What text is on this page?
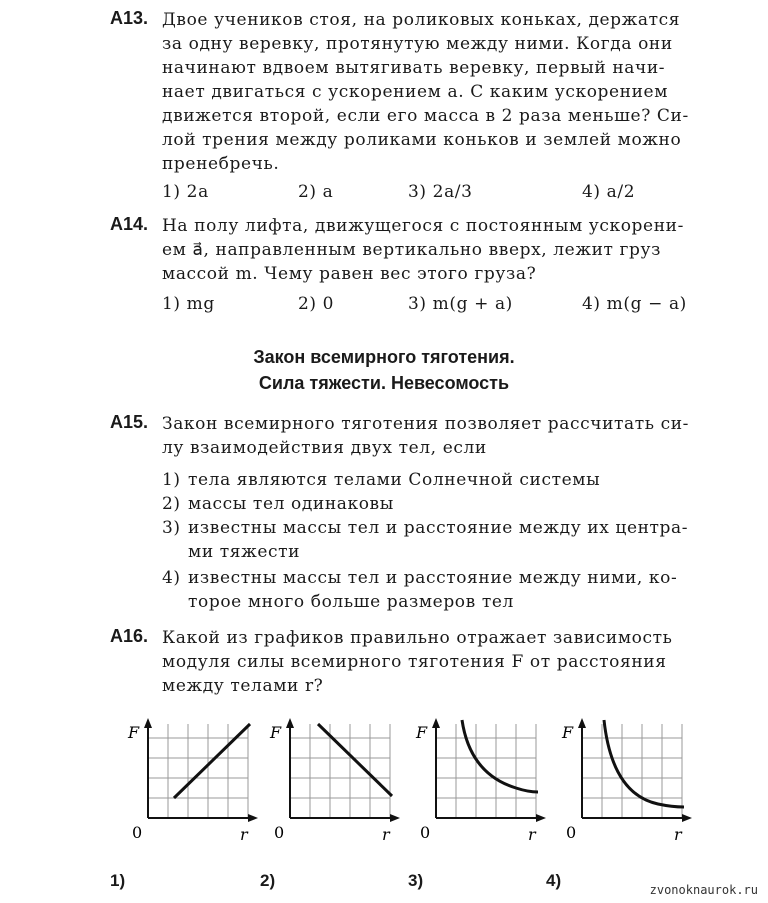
А13. Двое учеников стоя, на роликовых коньках, держатся
за одну веревку, протянутую между ними. Когда они
начинают вдвоем вытягивать веревку, первый начи-
нает двигаться с ускорением a. С каким ускорением
движется второй, если его масса в 2 раза меньше? Си-
лой трения между роликами коньков и землей можно
пренебречь.
1) 2a	2) a	3) 2a/3	4) a/2
А14. На полу лифта, движущегося с постоянным ускорени-
ем a⃗, направленным вертикально вверх, лежит груз
массой m. Чему равен вес этого груза?
1) mg	2) 0	3) m(g + a)	4) m(g − a)
Закон всемирного тяготения.
Сила тяжести. Невесомость
А15. Закон всемирного тяготения позволяет рассчитать си-
лу взаимодействия двух тел, если
1) тела являются телами Солнечной системы
2) массы тел одинаковы
3) известны массы тел и расстояние между их центра-
ми тяжести
4) известны массы тел и расстояние между ними, ко-
торое много больше размеров тел
А16. Какой из графиков правильно отражает зависимость
модуля силы всемирного тяготения F от расстояния
между телами r?
F
r
0
F
r
0
F
r
0
F
r
0
1)	2)	3)	4)	zvonoknaurok.ru
